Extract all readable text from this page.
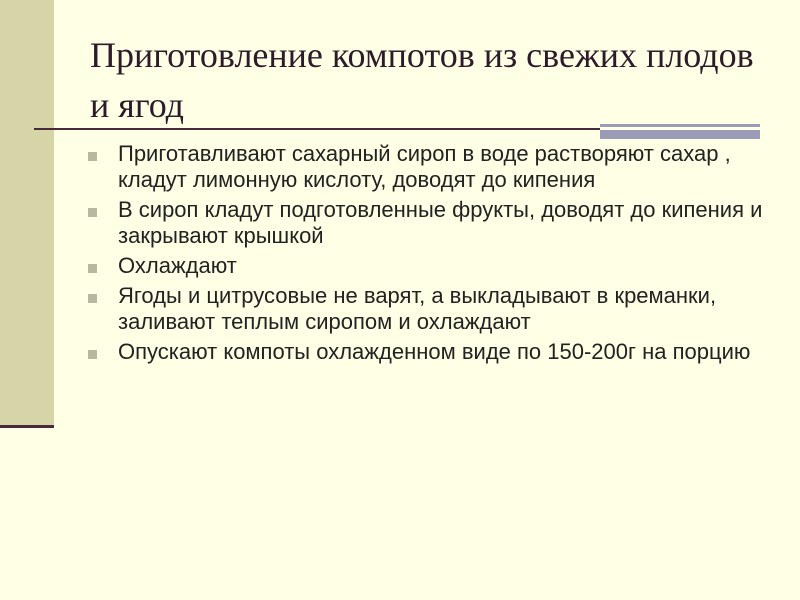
Приготовление компотов из свежих плодов и ягод
Приготавливают сахарный сироп в воде растворяют сахар , кладут лимонную кислоту, доводят до кипения
В сироп кладут подготовленные фрукты, доводят до кипения и закрывают крышкой
Охлаждают
Ягоды и цитрусовые не варят, а выкладывают в креманки, заливают теплым сиропом и охлаждают
Опускают компоты охлажденном виде по 150-200г на порцию
